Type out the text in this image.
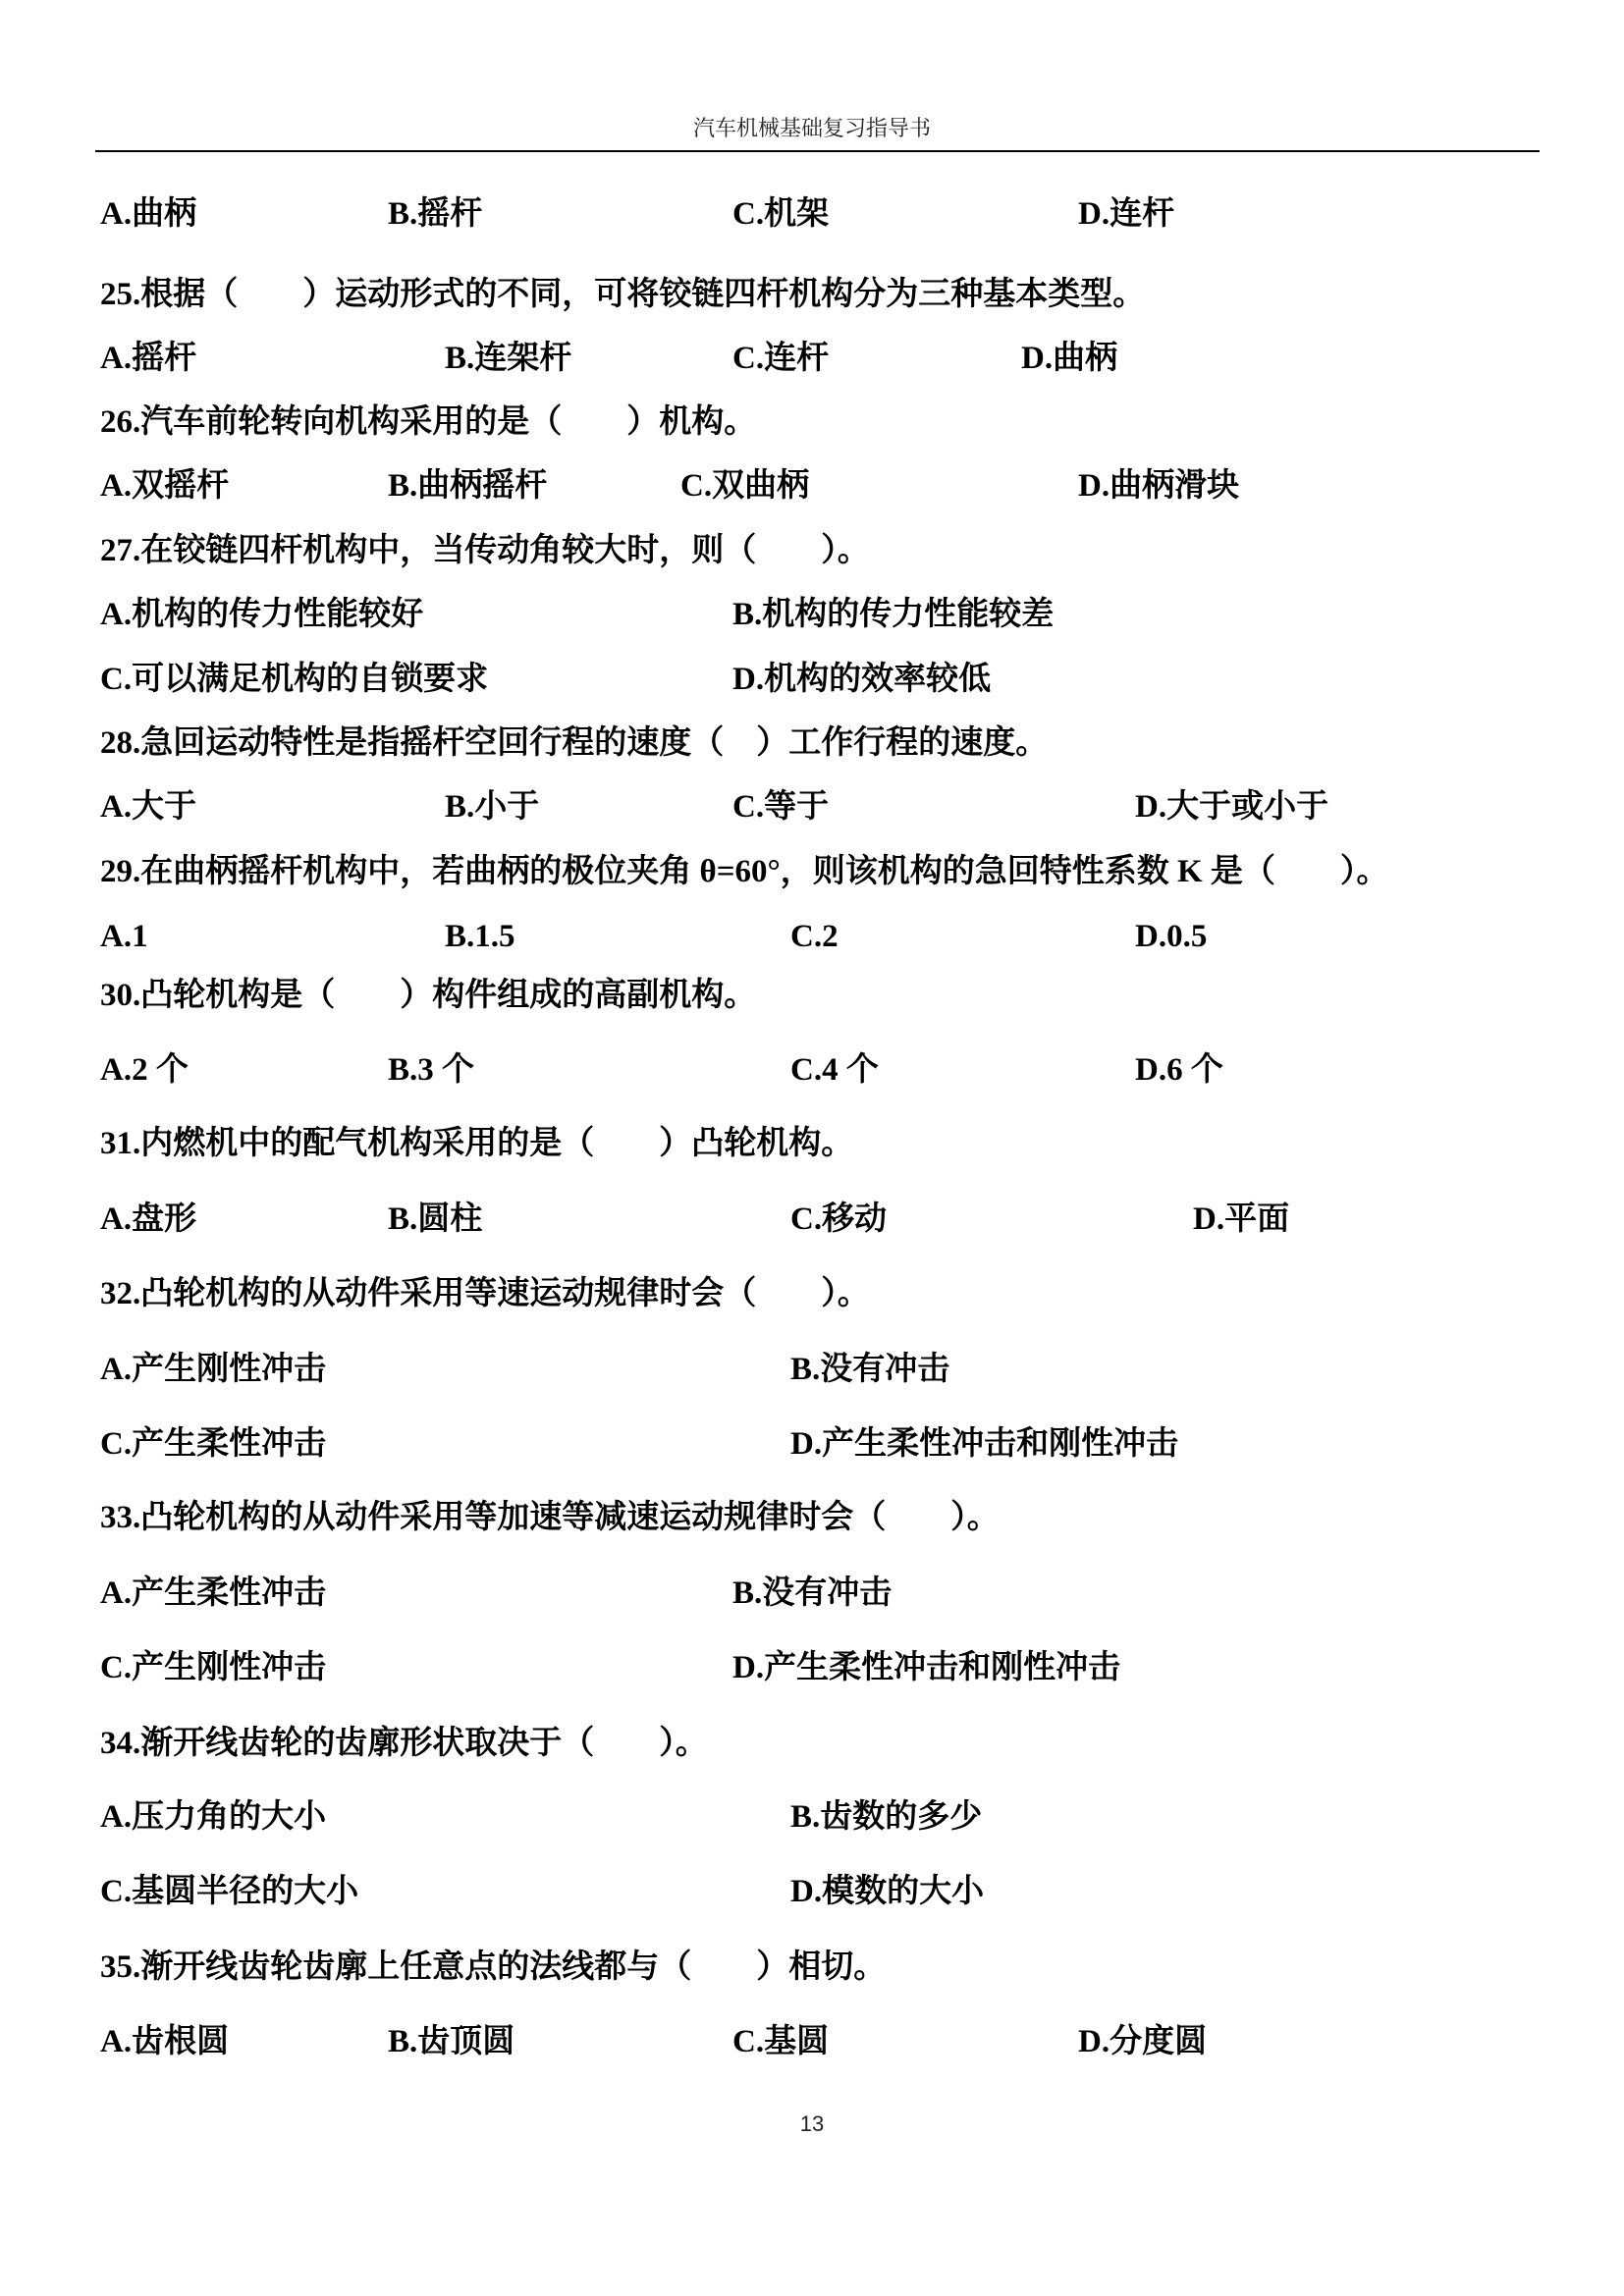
汽车机械基础复习指导书
A.曲柄	B.摇杆	C.机架	D.连杆
25.根据（　　）运动形式的不同，可将铰链四杆机构分为三种基本类型。
A.摇杆	B.连架杆	C.连杆	D.曲柄
26.汽车前轮转向机构采用的是（　　）机构。
A.双摇杆	B.曲柄摇杆	C.双曲柄	D.曲柄滑块
27.在铰链四杆机构中，当传动角较大时，则（　　）。
A.机构的传力性能较好	B.机构的传力性能较差
C.可以满足机构的自锁要求	D.机构的效率较低
28.急回运动特性是指摇杆空回行程的速度（　）工作行程的速度。
A.大于	B.小于	C.等于	D.大于或小于
29.在曲柄摇杆机构中，若曲柄的极位夹角 θ=60°，则该机构的急回特性系数 K 是（　　）。
A.1	B.1.5	C.2	D.0.5
30.凸轮机构是（　　）构件组成的高副机构。
A.2 个	B.3 个	C.4 个	D.6 个
31.内燃机中的配气机构采用的是（　　）凸轮机构。
A.盘形	B.圆柱	C.移动	D.平面
32.凸轮机构的从动件采用等速运动规律时会（　　）。
A.产生刚性冲击	B.没有冲击
C.产生柔性冲击	D.产生柔性冲击和刚性冲击
33.凸轮机构的从动件采用等加速等减速运动规律时会（　　）。
A.产生柔性冲击	B.没有冲击
C.产生刚性冲击	D.产生柔性冲击和刚性冲击
34.渐开线齿轮的齿廓形状取决于（　　）。
A.压力角的大小	B.齿数的多少
C.基圆半径的大小	D.模数的大小
35.渐开线齿轮齿廓上任意点的法线都与（　　）相切。
A.齿根圆	B.齿顶圆	C.基圆	D.分度圆
13
